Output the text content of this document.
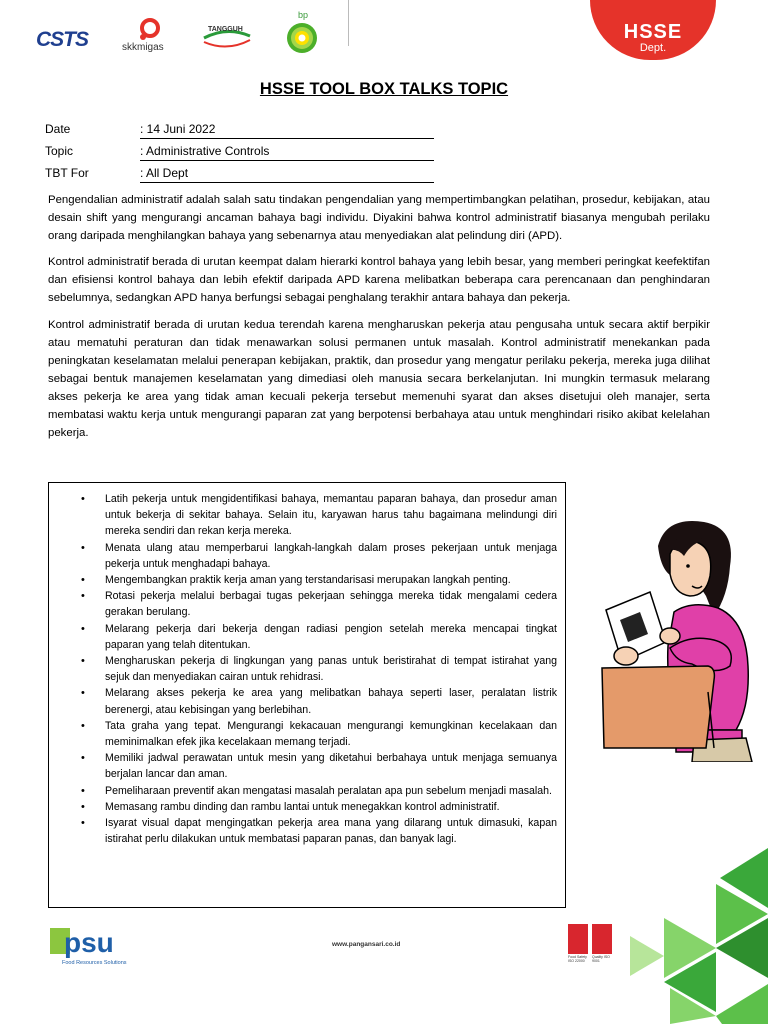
CSTS	skkmigas
TANGGUH
bp
HSSE
Dept.
HSSE TOOL BOX TALKS TOPIC
Date	: 14 Juni 2022
Topic	: Administrative Controls
TBT For	: All Dept

Pengendalian administratif adalah salah satu tindakan pengendalian yang mempertimbangkan pelatihan, prosedur, kebijakan, atau desain shift yang mengurangi ancaman bahaya bagi individu. Diyakini bahwa kontrol administratif biasanya mengubah perilaku orang daripada menghilangkan bahaya yang sebenarnya atau menyediakan alat pelindung diri (APD).

Kontrol administratif berada di urutan keempat dalam hierarki kontrol bahaya yang lebih besar, yang memberi peringkat keefektifan dan efisiensi kontrol bahaya dan lebih efektif daripada APD karena melibatkan beberapa cara perencanaan dan penghindaran sebelumnya, sedangkan APD hanya berfungsi sebagai penghalang terakhir antara bahaya dan pekerja.

Kontrol administratif berada di urutan kedua terendah karena mengharuskan pekerja atau pengusaha untuk secara aktif berpikir atau mematuhi peraturan dan tidak menawarkan solusi permanen untuk masalah. Kontrol administratif menekankan pada peningkatan keselamatan melalui penerapan kebijakan, praktik, dan prosedur yang mengatur perilaku pekerja, mereka juga dilihat sebagai bentuk manajemen keselamatan yang dimediasi oleh manusia secara berkelanjutan. Ini mungkin termasuk melarang akses pekerja ke area yang tidak aman kecuali pekerja tersebut memenuhi syarat dan akses disetujui oleh manajer, serta membatasi waktu kerja untuk mengurangi paparan zat yang berpotensi berbahaya atau untuk menghindari risiko akibat kelelahan pekerja.

• Latih pekerja untuk mengidentifikasi bahaya, memantau paparan bahaya, dan prosedur aman untuk bekerja di sekitar bahaya. Selain itu, karyawan harus tahu bagaimana melindungi diri mereka sendiri dan rekan kerja mereka.
• Menata ulang atau memperbarui langkah-langkah dalam proses pekerjaan untuk menjaga pekerja untuk menghadapi bahaya.
• Mengembangkan praktik kerja aman yang terstandarisasi merupakan langkah penting.
• Rotasi pekerja melalui berbagai tugas pekerjaan sehingga mereka tidak mengalami cedera gerakan berulang.
• Melarang pekerja dari bekerja dengan radiasi pengion setelah mereka mencapai tingkat paparan yang telah ditentukan.
• Mengharuskan pekerja di lingkungan yang panas untuk beristirahat di tempat istirahat yang sejuk dan menyediakan cairan untuk rehidrasi.
• Melarang akses pekerja ke area yang melibatkan bahaya seperti laser, peralatan listrik berenergi, atau kebisingan yang berlebihan.
• Tata graha yang tepat. Mengurangi kekacauan mengurangi kemungkinan kecelakaan dan meminimalkan efek jika kecelakaan memang terjadi.
• Memiliki jadwal perawatan untuk mesin yang diketahui berbahaya untuk menjaga semuanya berjalan lancar dan aman.
• Pemeliharaan preventif akan mengatasi masalah peralatan apa pun sebelum menjadi masalah.
• Memasang rambu dinding dan rambu lantai untuk menegakkan kontrol administratif.
• Isyarat visual dapat mengingatkan pekerja area mana yang dilarang untuk dimasuki, kapan istirahat perlu dilakukan untuk membatasi paparan panas, dan banyak lagi.
psu
Food Resources Solutions
www.pangansari.co.id
Food Safety ISO 22000
Quality ISO 9001
